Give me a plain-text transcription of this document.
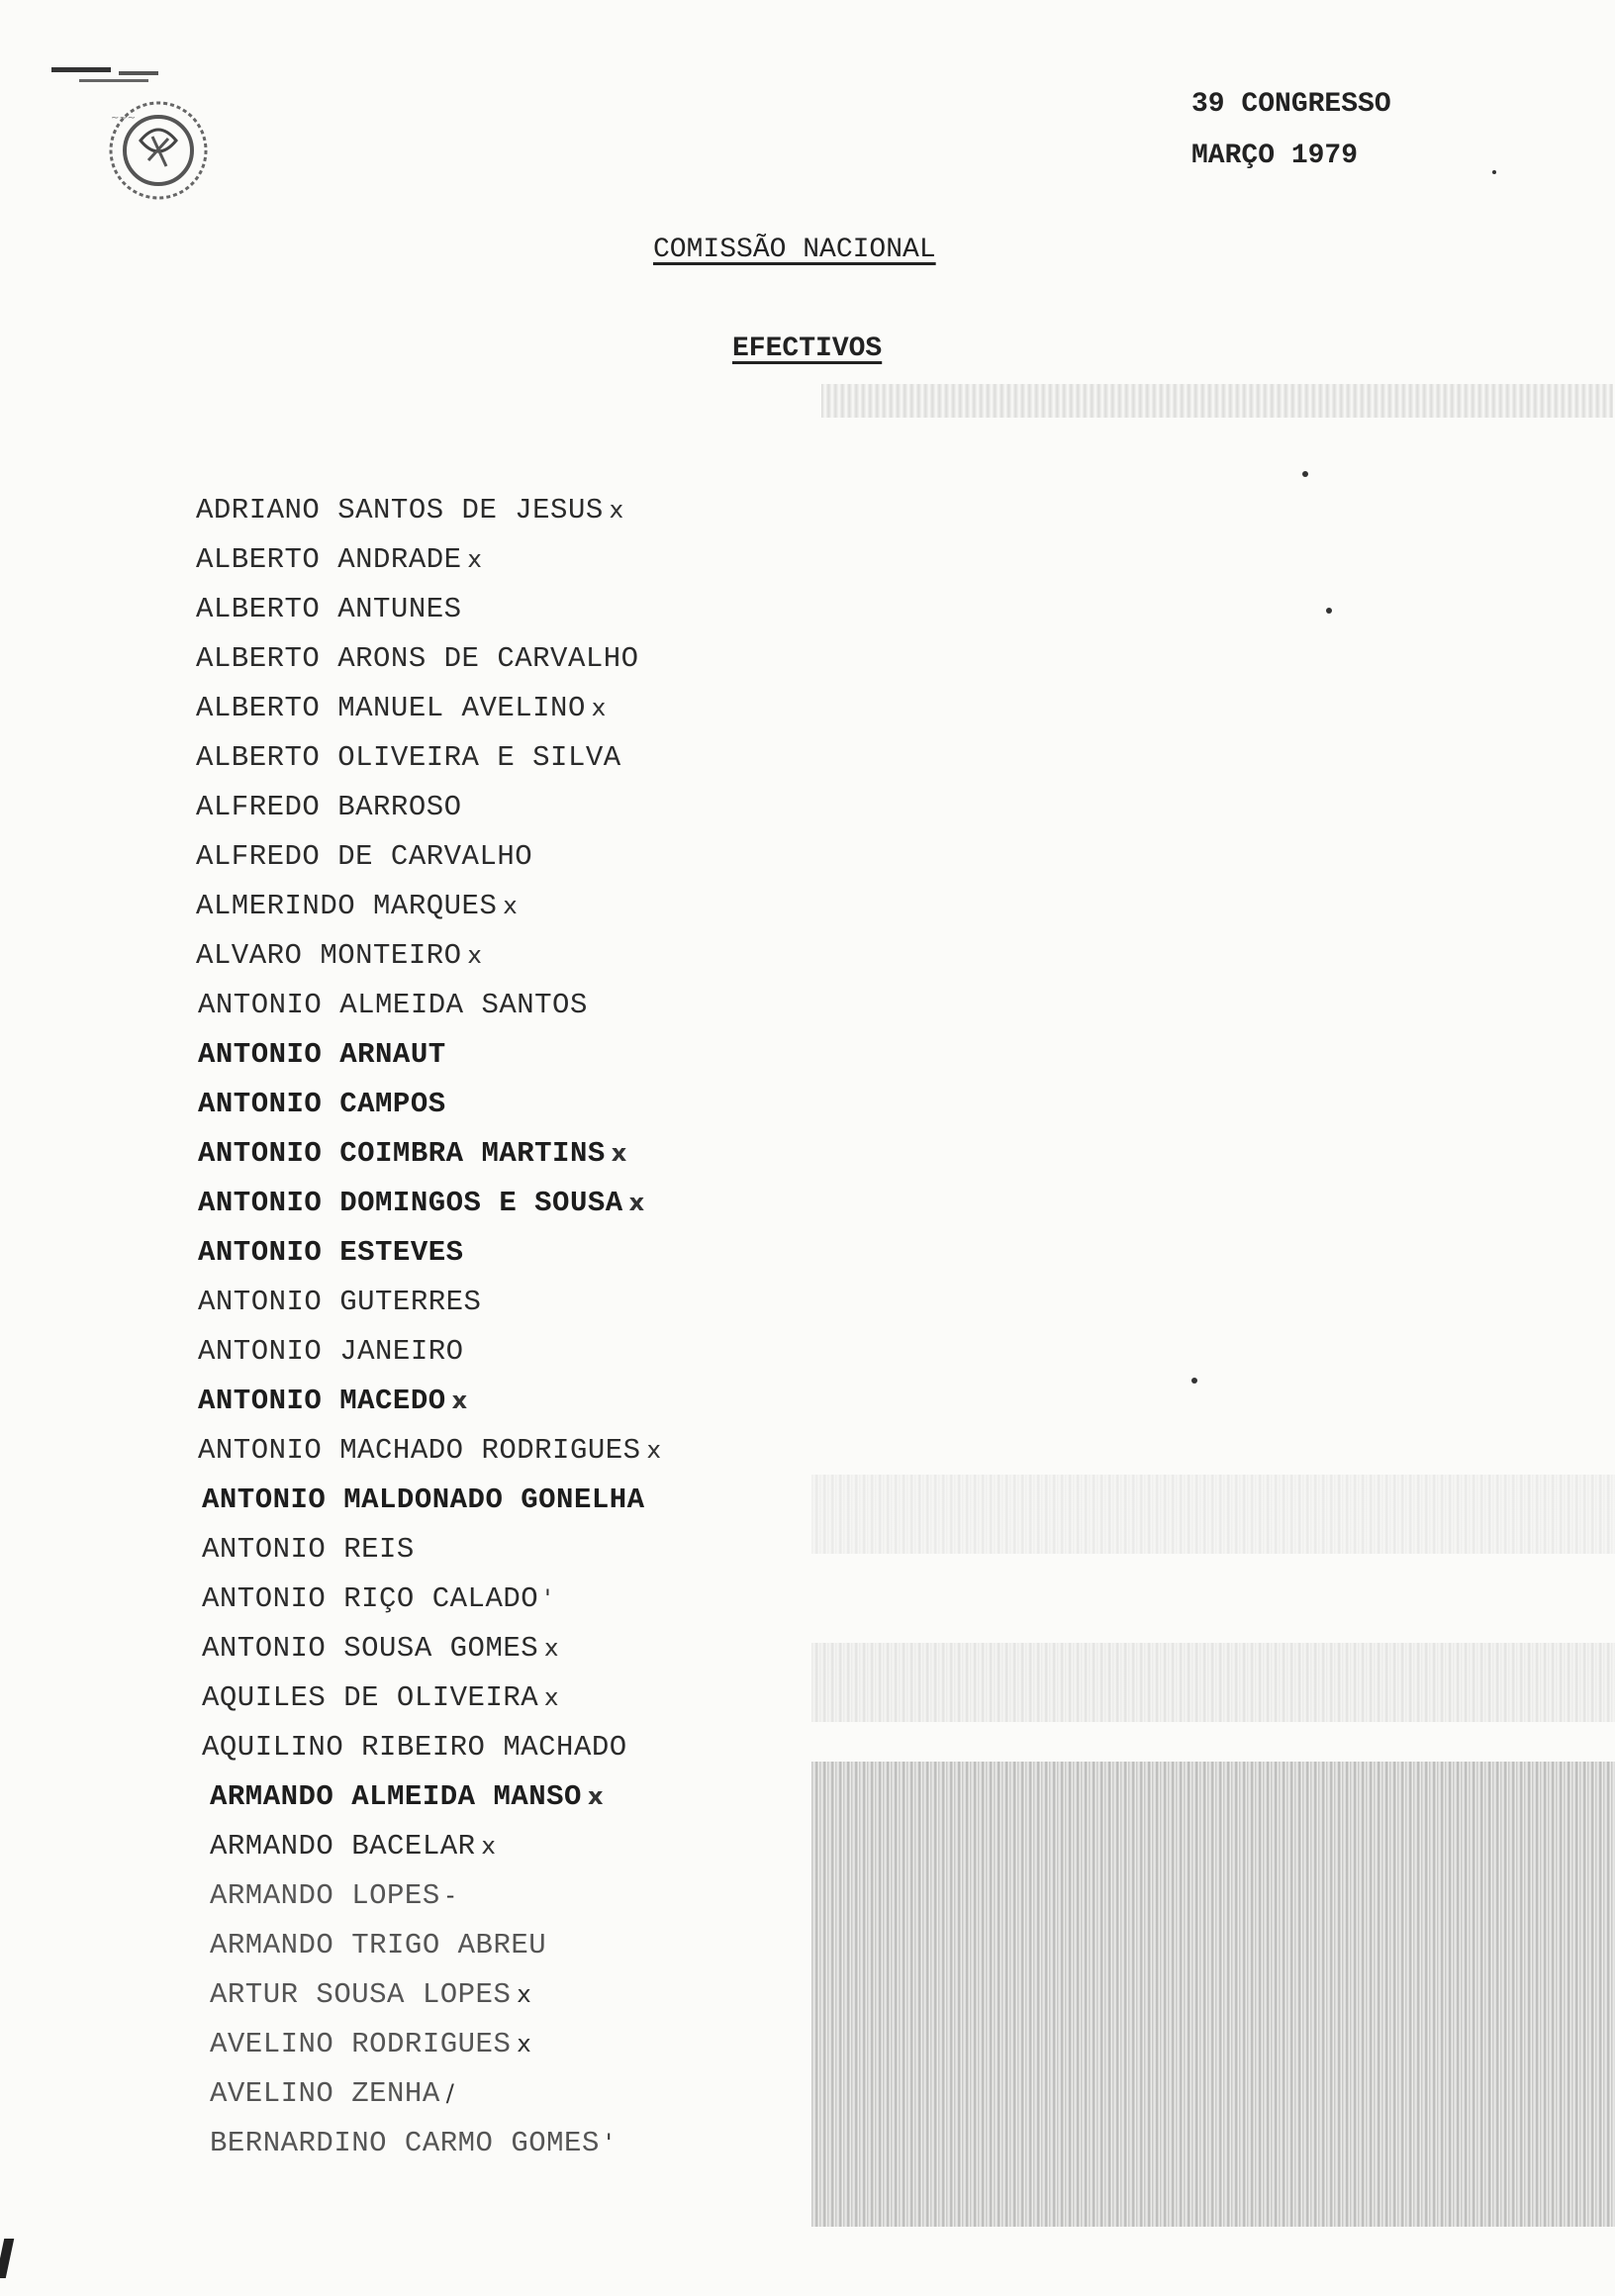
~~~	39 CONGRESSO
MARÇO 1979
COMISSÃO NACIONAL
EFECTIVOS
ADRIANO SANTOS DE JESUS x
ALBERTO ANDRADE x
ALBERTO ANTUNES
ALBERTO ARONS DE CARVALHO
ALBERTO MANUEL AVELINO x
ALBERTO OLIVEIRA E SILVA
ALFREDO BARROSO
ALFREDO DE CARVALHO
ALMERINDO MARQUES x
ALVARO MONTEIRO x
ANTONIO ALMEIDA SANTOS
ANTONIO ARNAUT
ANTONIO CAMPOS
ANTONIO COIMBRA MARTINS x
ANTONIO DOMINGOS E SOUSA x
ANTONIO ESTEVES
ANTONIO GUTERRES
ANTONIO JANEIRO
ANTONIO MACEDO x
ANTONIO MACHADO RODRIGUES x
ANTONIO MALDONADO GONELHA
ANTONIO REIS
ANTONIO RIÇO CALADO '
ANTONIO SOUSA GOMES x
AQUILES DE OLIVEIRA x
AQUILINO RIBEIRO MACHADO
ARMANDO ALMEIDA MANSO x
ARMANDO BACELAR x
ARMANDO LOPES -
ARMANDO TRIGO ABREU
ARTUR SOUSA LOPES x
AVELINO RODRIGUES x
AVELINO ZENHA /
BERNARDINO CARMO GOMES '
